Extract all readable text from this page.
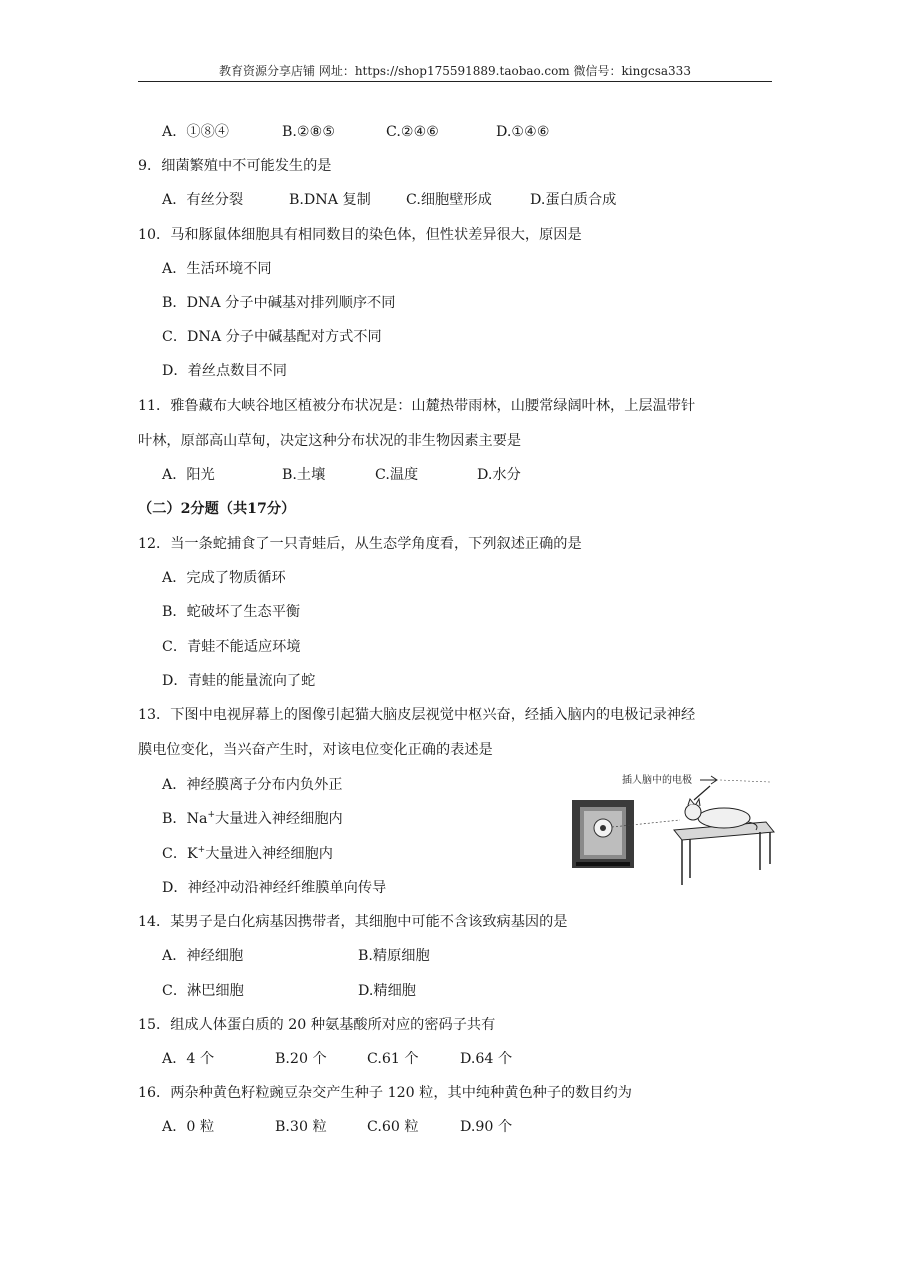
教育资源分享店铺 网址：https://shop175591889.taobao.com 微信号：kingcsa333
A．①⑧④	B.②⑧⑤	C.②④⑥	D.①④⑥
9．细菌繁殖中不可能发生的是
A．有丝分裂	B.DNA 复制 C.细胞壁形成	D.蛋白质合成
10．马和豚鼠体细胞具有相同数目的染色体，但性状差异很大，原因是
A．生活环境不同
B．DNA 分子中碱基对排列顺序不同
C．DNA 分子中碱基配对方式不同
D．着丝点数目不同
11．雅鲁藏布大峡谷地区植被分布状况是：山麓热带雨林，山腰常绿阔叶林，上层温带针
叶林，原部高山草甸，决定这种分布状况的非生物因素主要是
A．阳光	B.土壤	C.温度	D.水分
（二）2分题（共17分）
12．当一条蛇捕食了一只青蛙后，从生态学角度看，下列叙述正确的是
A．完成了物质循环
B．蛇破坏了生态平衡
C．青蛙不能适应环境
D．青蛙的能量流向了蛇
13．下图中电视屏幕上的图像引起猫大脑皮层视觉中枢兴奋，经插入脑内的电极记录神经
膜电位变化，当兴奋产生时，对该电位变化正确的表述是
A．神经膜离子分布内负外正
B．Na+大量进入神经细胞内
C．K+大量进入神经细胞内
D．神经冲动沿神经纤维膜单向传导
插人脑中的电极
14．某男子是白化病基因携带者，其细胞中可能不含该致病基因的是
A．神经细胞	B.精原细胞
C．淋巴细胞	D.精细胞
15．组成人体蛋白质的 20 种氨基酸所对应的密码子共有
A．4 个	B.20 个	C.61 个	D.64 个
16．两杂种黄色籽粒豌豆杂交产生种子 120 粒，其中纯种黄色种子的数目约为
A．0 粒	B.30 粒	C.60 粒	D.90 个
